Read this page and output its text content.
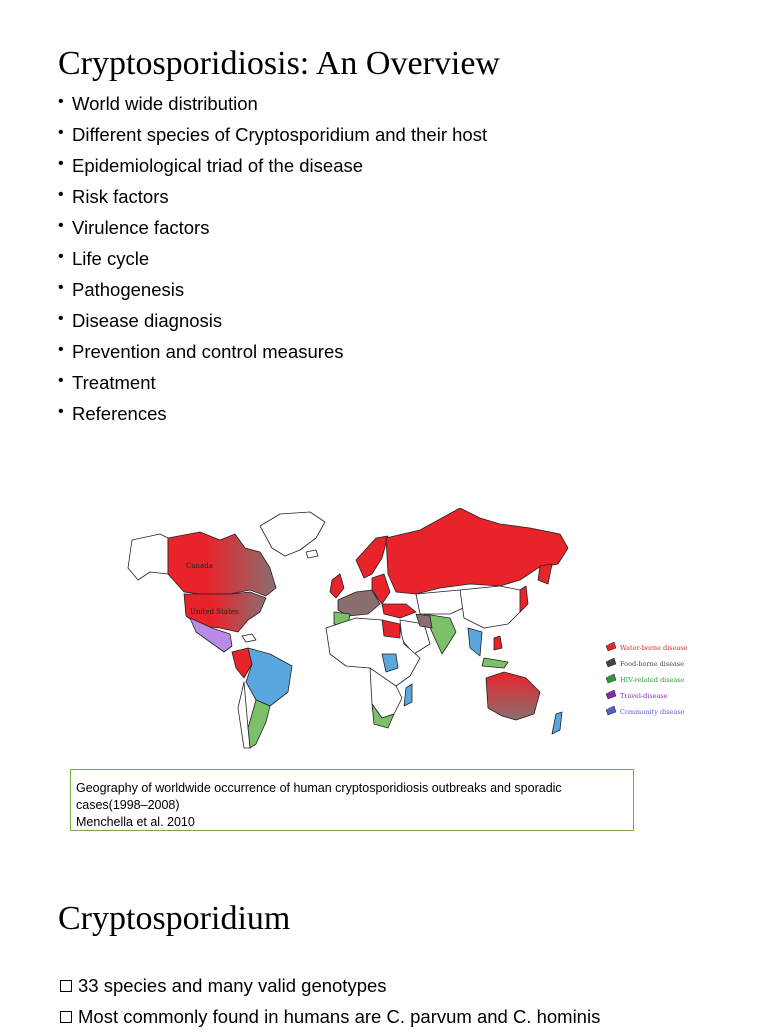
Cryptosporidiosis: An Overview
• World wide distribution
• Different species of Cryptosporidium and their host
• Epidemiological triad of the disease
• Risk factors
• Virulence factors
• Life cycle
• Pathogenesis
• Disease diagnosis
• Prevention and control measures
• Treatment
• References
Canada
United States
Water-borne disease
Food-borne disease
HIV-related disease
Travel-disease
Community disease
Geography of worldwide occurrence of human cryptosporidiosis outbreaks and sporadic
cases(1998–2008)
Menchella et al. 2010
Cryptosporidium
33 species and many valid genotypes
Most commonly found in humans are C. parvum and C. hominis
